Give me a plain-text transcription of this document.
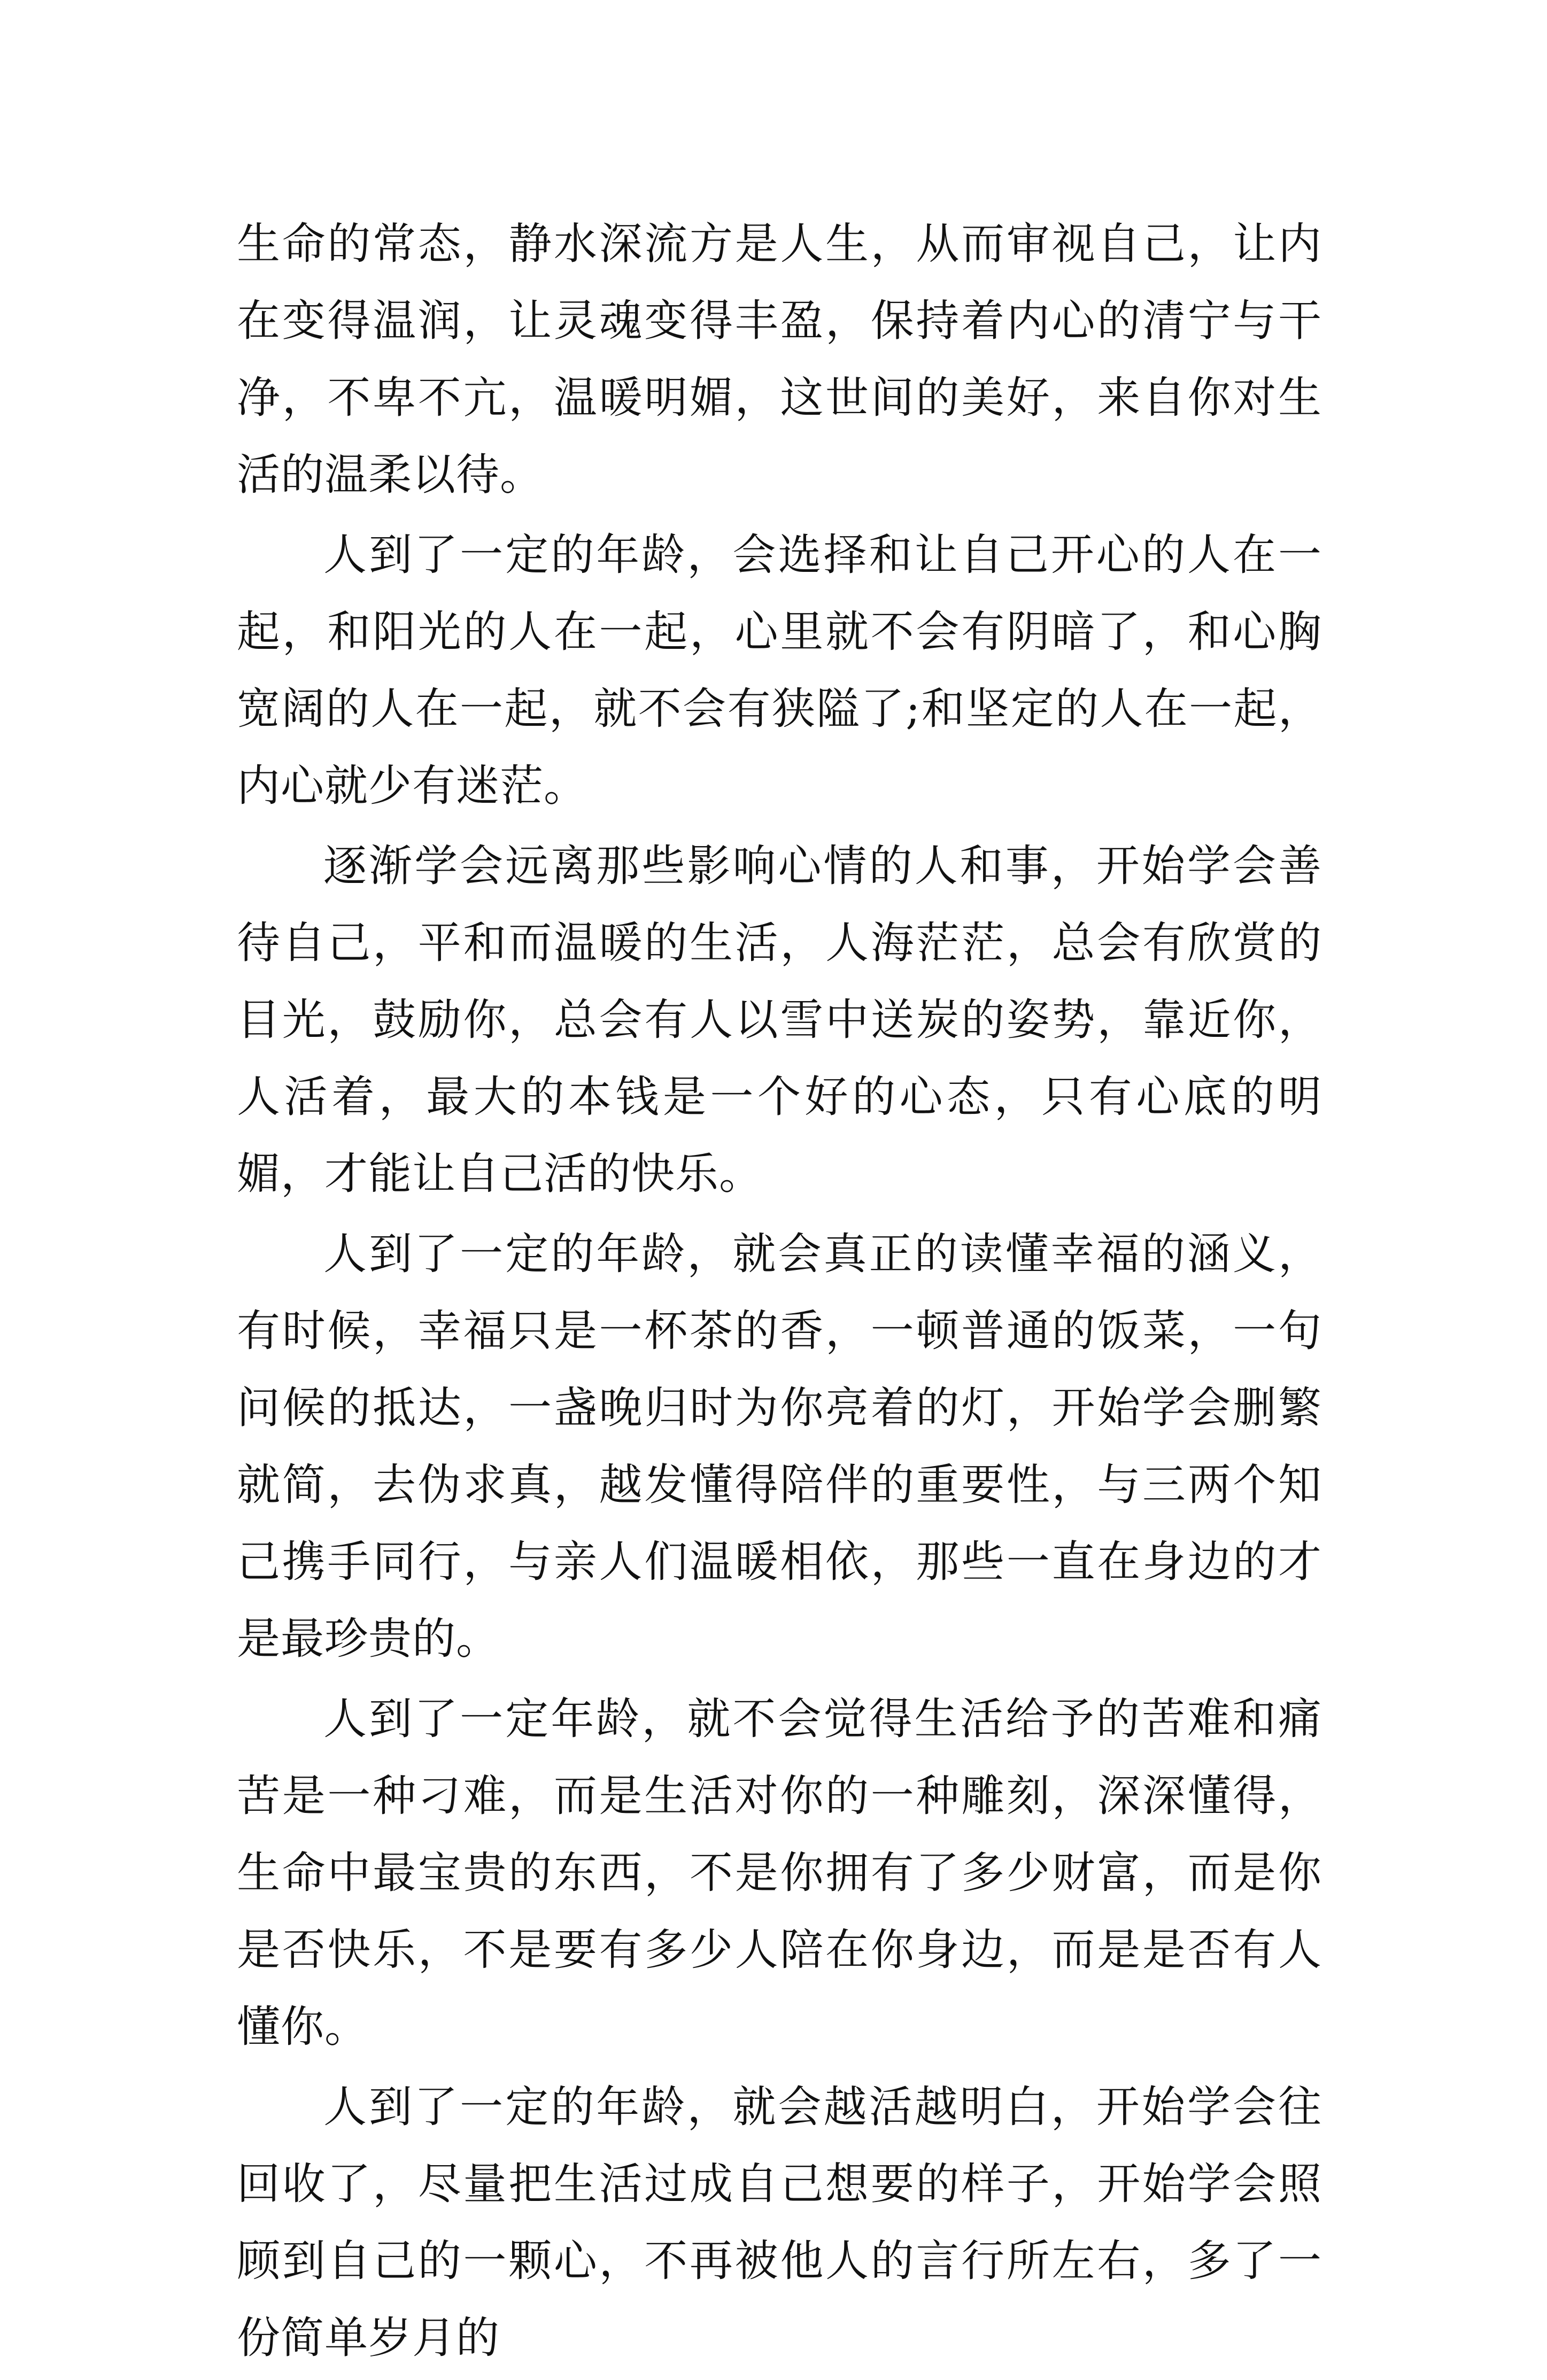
生命的常态，静水深流方是人生，从而审视自己，让内在变得温润，让灵魂变得丰盈，保持着内心的清宁与干净，不卑不亢，温暖明媚，这世间的美好，来自你对生活的温柔以待。

人到了一定的年龄，会选择和让自己开心的人在一起，和阳光的人在一起，心里就不会有阴暗了，和心胸宽阔的人在一起，就不会有狭隘了;和坚定的人在一起，内心就少有迷茫。

逐渐学会远离那些影响心情的人和事，开始学会善待自己，平和而温暖的生活，人海茫茫，总会有欣赏的目光，鼓励你，总会有人以雪中送炭的姿势，靠近你，人活着，最大的本钱是一个好的心态，只有心底的明媚，才能让自己活的快乐。

人到了一定的年龄，就会真正的读懂幸福的涵义，有时候，幸福只是一杯茶的香，一顿普通的饭菜，一句问候的抵达，一盏晚归时为你亮着的灯，开始学会删繁就简，去伪求真，越发懂得陪伴的重要性，与三两个知己携手同行，与亲人们温暖相依，那些一直在身边的才是最珍贵的。

人到了一定年龄，就不会觉得生活给予的苦难和痛苦是一种刁难，而是生活对你的一种雕刻，深深懂得，生命中最宝贵的东西，不是你拥有了多少财富，而是你是否快乐，不是要有多少人陪在你身边，而是是否有人懂你。

人到了一定的年龄，就会越活越明白，开始学会往回收了，尽量把生活过成自己想要的样子，开始学会照顾到自己的一颗心，不再被他人的言行所左右，多了一份简单岁月的
